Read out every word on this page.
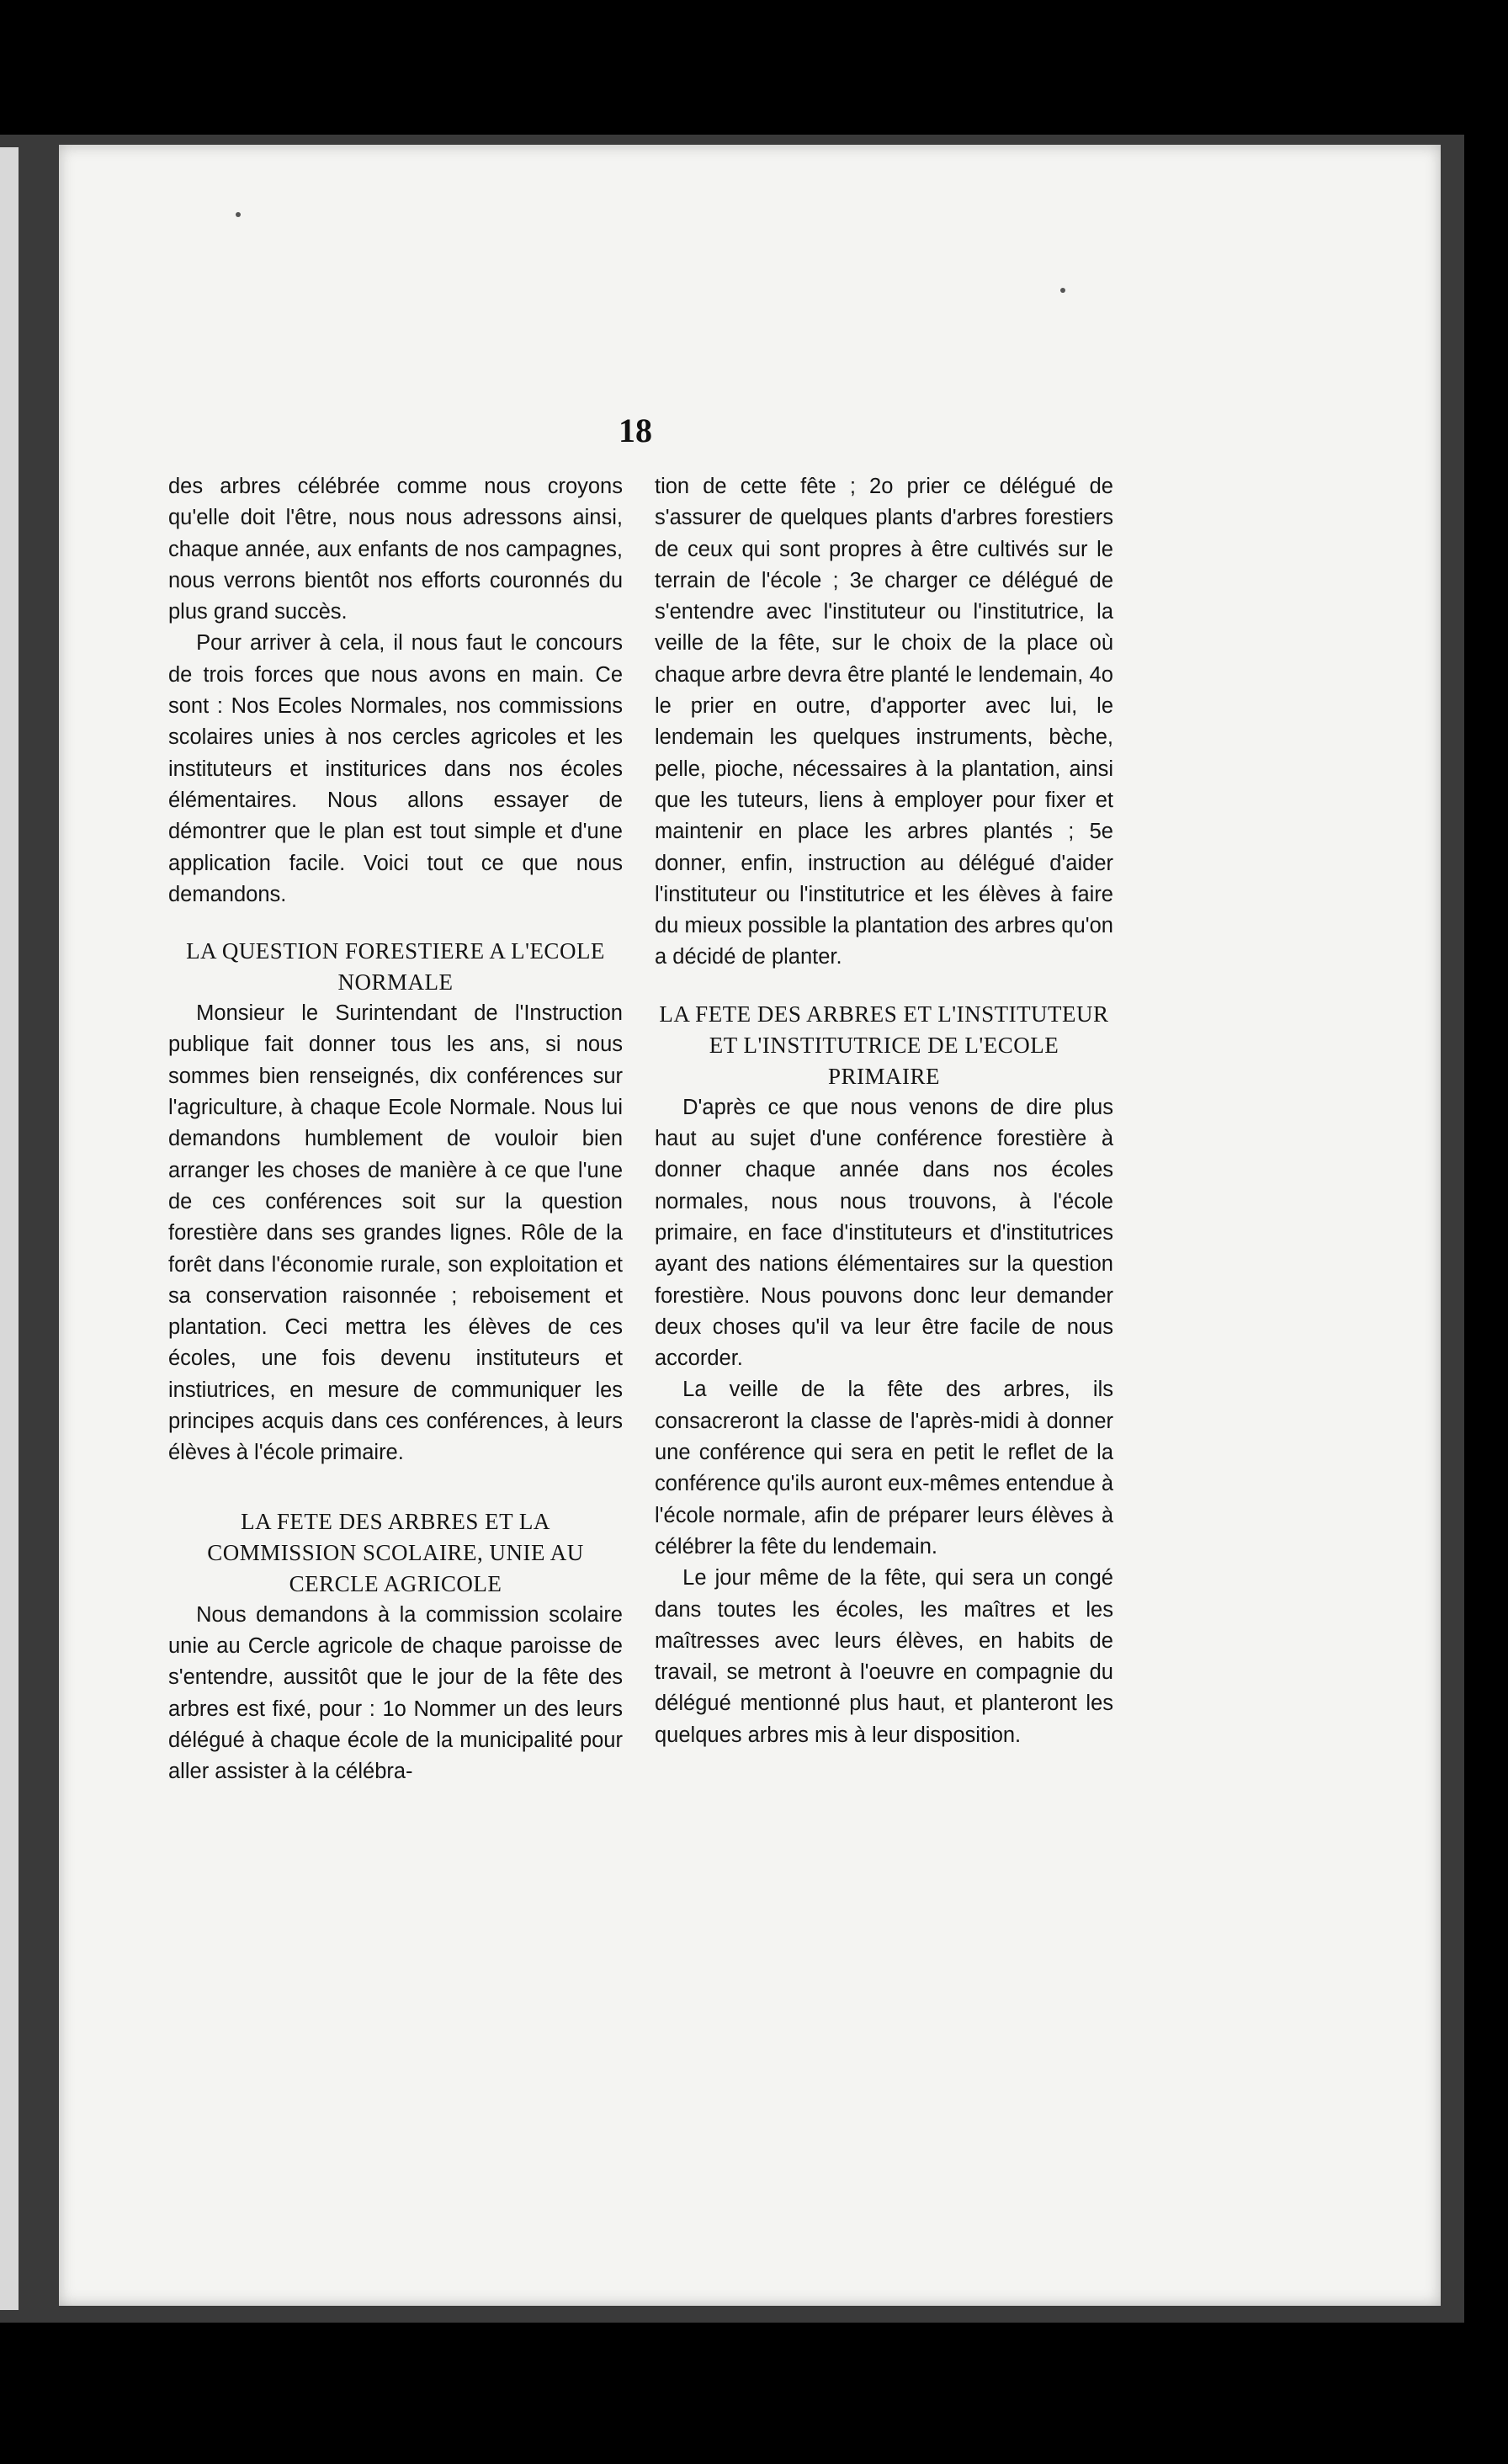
18

des arbres célébrée comme nous croyons qu'elle doit l'être, nous nous adressons ainsi, chaque année, aux enfants de nos campagnes, nous verrons bientôt nos efforts couronnés du plus grand succès.

Pour arriver à cela, il nous faut le concours de trois forces que nous avons en main. Ce sont : Nos Ecoles Normales, nos commissions scolaires unies à nos cercles agricoles et les instituteurs et institurices dans nos écoles élémentaires. Nous allons essayer de démontrer que le plan est tout simple et d'une application facile. Voici tout ce que nous demandons.

LA QUESTION FORESTIERE A L'ECOLE NORMALE

Monsieur le Surintendant de l'Instruction publique fait donner tous les ans, si nous sommes bien renseignés, dix conférences sur l'agriculture, à chaque Ecole Normale. Nous lui demandons humblement de vouloir bien arranger les choses de manière à ce que l'une de ces conférences soit sur la question forestière dans ses grandes lignes. Rôle de la forêt dans l'économie rurale, son exploitation et sa conservation raisonnée ; reboisement et plantation. Ceci mettra les élèves de ces écoles, une fois devenu instituteurs et instiutrices, en mesure de communiquer les principes acquis dans ces conférences, à leurs élèves à l'école primaire.

LA FETE DES ARBRES ET LA COMMISSION SCOLAIRE, UNIE AU CERCLE AGRICOLE

Nous demandons à la commission scolaire unie au Cercle agricole de chaque paroisse de s'entendre, aussitôt que le jour de la fête des arbres est fixé, pour : 1o Nommer un des leurs délégué à chaque école de la municipalité pour aller assister à la célébra-

tion de cette fête ; 2o prier ce délégué de s'assurer de quelques plants d'arbres forestiers de ceux qui sont propres à être cultivés sur le terrain de l'école ; 3e charger ce délégué de s'entendre avec l'instituteur ou l'institutrice, la veille de la fête, sur le choix de la place où chaque arbre devra être planté le lendemain, 4o le prier en outre, d'apporter avec lui, le lendemain les quelques instruments, bèche, pelle, pioche, nécessaires à la plantation, ainsi que les tuteurs, liens à employer pour fixer et maintenir en place les arbres plantés ; 5e donner, enfin, instruction au délégué d'aider l'instituteur ou l'institutrice et les élèves à faire du mieux possible la plantation des arbres qu'on a décidé de planter.

LA FETE DES ARBRES ET L'INSTITUTEUR ET L'INSTITUTRICE DE L'ECOLE PRIMAIRE

D'après ce que nous venons de dire plus haut au sujet d'une conférence forestière à donner chaque année dans nos écoles normales, nous nous trouvons, à l'école primaire, en face d'instituteurs et d'institutrices ayant des nations élémentaires sur la question forestière. Nous pouvons donc leur demander deux choses qu'il va leur être facile de nous accorder.

La veille de la fête des arbres, ils consacreront la classe de l'après-midi à donner une conférence qui sera en petit le reflet de la conférence qu'ils auront eux-mêmes entendue à l'école normale, afin de préparer leurs élèves à célébrer la fête du lendemain.

Le jour même de la fête, qui sera un congé dans toutes les écoles, les maîtres et les maîtresses avec leurs élèves, en habits de travail, se metront à l'oeuvre en compagnie du délégué mentionné plus haut, et planteront les quelques arbres mis à leur disposition.
